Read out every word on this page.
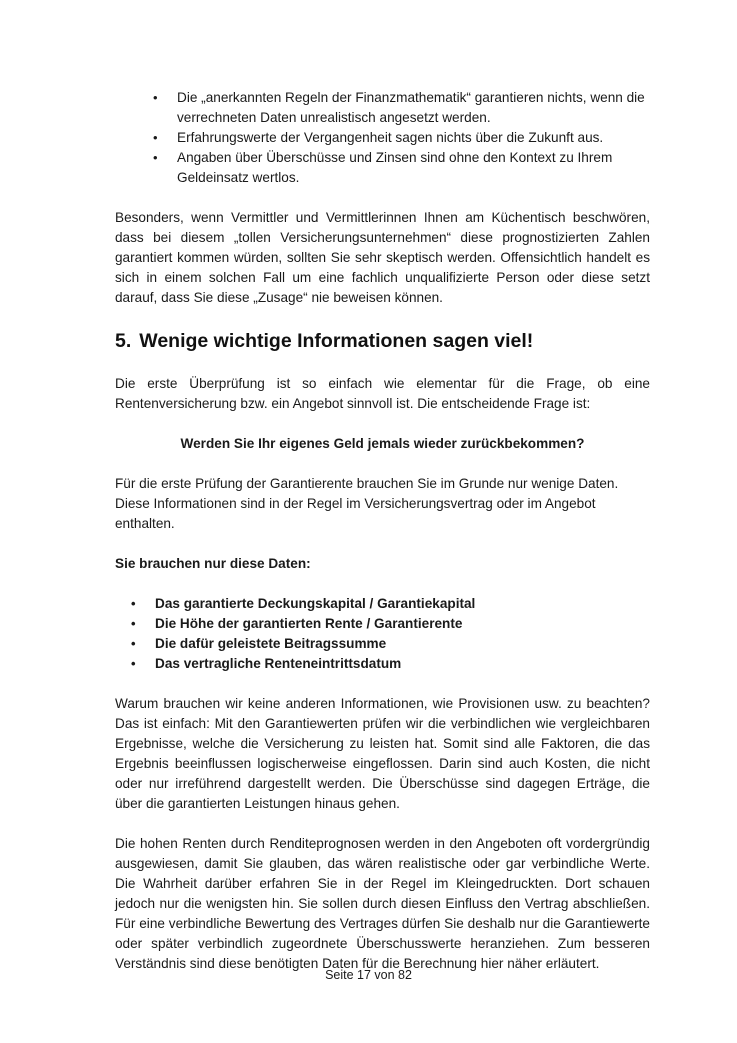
• Die „anerkannten Regeln der Finanzmathematik“ garantieren nichts, wenn die verrechneten Daten unrealistisch angesetzt werden.
• Erfahrungswerte der Vergangenheit sagen nichts über die Zukunft aus.
• Angaben über Überschüsse und Zinsen sind ohne den Kontext zu Ihrem Geldeinsatz wertlos.

Besonders, wenn Vermittler und Vermittlerinnen Ihnen am Küchentisch beschwören, dass bei diesem „tollen Versicherungsunternehmen“ diese prognostizierten Zahlen garantiert kommen würden, sollten Sie sehr skeptisch werden. Offensichtlich handelt es sich in einem solchen Fall um eine fachlich unqualifizierte Person oder diese setzt darauf, dass Sie diese „Zusage“ nie beweisen können.

5. Wenige wichtige Informationen sagen viel!

Die erste Überprüfung ist so einfach wie elementar für die Frage, ob eine Rentenversicherung bzw. ein Angebot sinnvoll ist. Die entscheidende Frage ist:

Werden Sie Ihr eigenes Geld jemals wieder zurückbekommen?

Für die erste Prüfung der Garantierente brauchen Sie im Grunde nur wenige Daten. Diese Informationen sind in der Regel im Versicherungsvertrag oder im Angebot enthalten.

Sie brauchen nur diese Daten:

• Das garantierte Deckungskapital / Garantiekapital
• Die Höhe der garantierten Rente / Garantierente
• Die dafür geleistete Beitragssumme
• Das vertragliche Renteneintrittsdatum

Warum brauchen wir keine anderen Informationen, wie Provisionen usw. zu beachten? Das ist einfach: Mit den Garantiewerten prüfen wir die verbindlichen wie vergleichbaren Ergebnisse, welche die Versicherung zu leisten hat. Somit sind alle Faktoren, die das Ergebnis beeinflussen logischerweise eingeflossen. Darin sind auch Kosten, die nicht oder nur irreführend dargestellt werden. Die Überschüsse sind dagegen Erträge, die über die garantierten Leistungen hinaus gehen.

Die hohen Renten durch Renditeprognosen werden in den Angeboten oft vordergründig ausgewiesen, damit Sie glauben, das wären realistische oder gar verbindliche Werte. Die Wahrheit darüber erfahren Sie in der Regel im Kleingedruckten. Dort schauen jedoch nur die wenigsten hin. Sie sollen durch diesen Einfluss den Vertrag abschließen. Für eine verbindliche Bewertung des Vertrages dürfen Sie deshalb nur die Garantiewerte oder später verbindlich zugeordnete Überschusswerte heranziehen. Zum besseren Verständnis sind diese benötigten Daten für die Berechnung hier näher erläutert.

Seite 17 von 82
